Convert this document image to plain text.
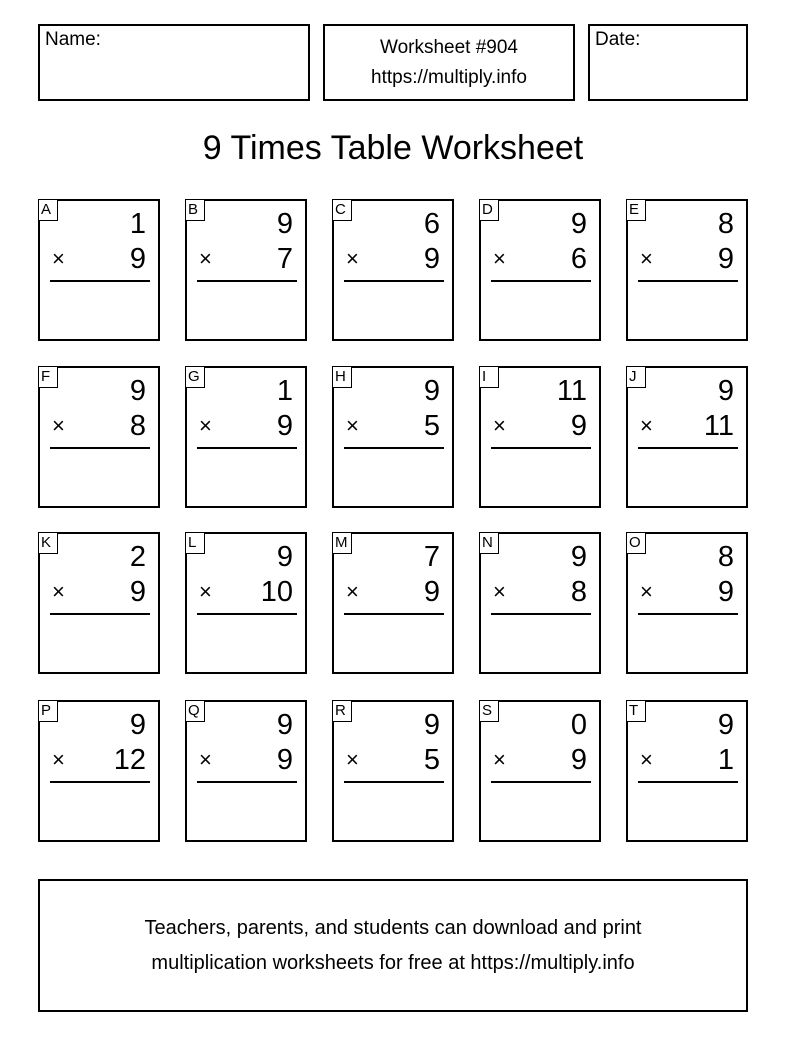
Name:	Worksheet #904
https://multiply.info
Date:
9 Times Table Worksheet
A	1
× 9
B	9
× 7
C	6
× 9
D	9
× 6
E	8
× 9
F	9
× 8
G	1
× 9
H	9
× 5
I	11
× 9
J	9
× 11
K	2
× 9
L	9
× 10
M	7
× 9
N	9
× 8
O	8
× 9
P	9
× 12
Q	9
× 9
R	9
× 5
S	0
× 9
T	9
× 1
Teachers, parents, and students can download and print
multiplication worksheets for free at https://multiply.info
